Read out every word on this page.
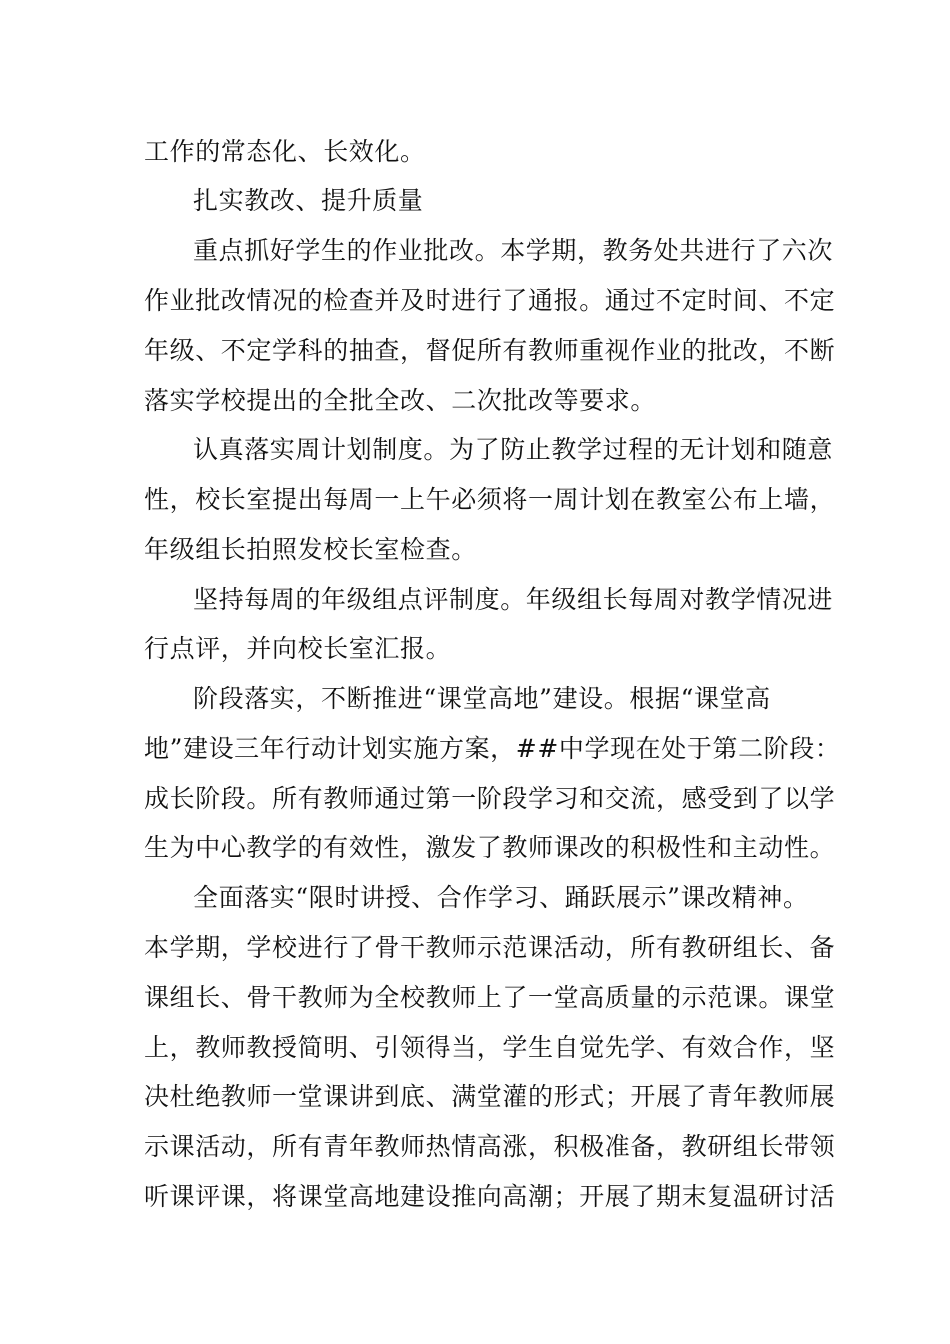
工作的常态化、长效化。
扎实教改、提升质量
重点抓好学生的作业批改。本学期，教务处共进行了六次
作业批改情况的检查并及时进行了通报。通过不定时间、不定
年级、不定学科的抽查，督促所有教师重视作业的批改，不断
落实学校提出的全批全改、二次批改等要求。
认真落实周计划制度。为了防止教学过程的无计划和随意
性，校长室提出每周一上午必须将一周计划在教室公布上墙，
年级组长拍照发校长室检查。
坚持每周的年级组点评制度。年级组长每周对教学情况进
行点评，并向校长室汇报。
阶段落实，不断推进“课堂高地”建设。根据“课堂高
地”建设三年行动计划实施方案，##中学现在处于第二阶段：
成长阶段。所有教师通过第一阶段学习和交流，感受到了以学
生为中心教学的有效性，激发了教师课改的积极性和主动性。
全面落实“限时讲授、合作学习、踊跃展示”课改精神。
本学期，学校进行了骨干教师示范课活动，所有教研组长、备
课组长、骨干教师为全校教师上了一堂高质量的示范课。课堂
上，教师教授简明、引领得当，学生自觉先学、有效合作，坚
决杜绝教师一堂课讲到底、满堂灌的形式；开展了青年教师展
示课活动，所有青年教师热情高涨，积极准备，教研组长带领
听课评课，将课堂高地建设推向高潮；开展了期末复温研讨活
